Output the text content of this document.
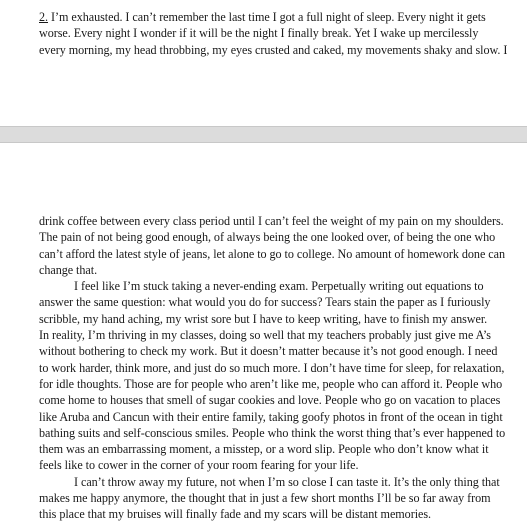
2. I’m exhausted. I can’t remember the last time I got a full night of sleep. Every night it gets
worse. Every night I wonder if it will be the night I finally break. Yet I wake up mercilessly
every morning, my head throbbing, my eyes crusted and caked, my movements shaky and slow. I
drink coffee between every class period until I can’t feel the weight of my pain on my shoulders.
The pain of not being good enough, of always being the one looked over, of being the one who
can’t afford the latest style of jeans, let alone to go to college. No amount of homework done can
change that.
I feel like I’m stuck taking a never-ending exam. Perpetually writing out equations to
answer the same question: what would you do for success? Tears stain the paper as I furiously
scribble, my hand aching, my wrist sore but I have to keep writing, have to finish my answer.
In reality, I’m thriving in my classes, doing so well that my teachers probably just give me A’s
without bothering to check my work. But it doesn’t matter because it’s not good enough. I need
to work harder, think more, and just do so much more. I don’t have time for sleep, for relaxation,
for idle thoughts. Those are for people who aren’t like me, people who can afford it. People who
come home to houses that smell of sugar cookies and love. People who go on vacation to places
like Aruba and Cancun with their entire family, taking goofy photos in front of the ocean in tight
bathing suits and self-conscious smiles. People who think the worst thing that’s ever happened to
them was an embarrassing moment, a misstep, or a word slip. People who don’t know what it
feels like to cower in the corner of your room fearing for your life.
I can’t throw away my future, not when I’m so close I can taste it. It’s the only thing that
makes me happy anymore, the thought that in just a few short months I’ll be so far away from
this place that my bruises will finally fade and my scars will be distant memories.
